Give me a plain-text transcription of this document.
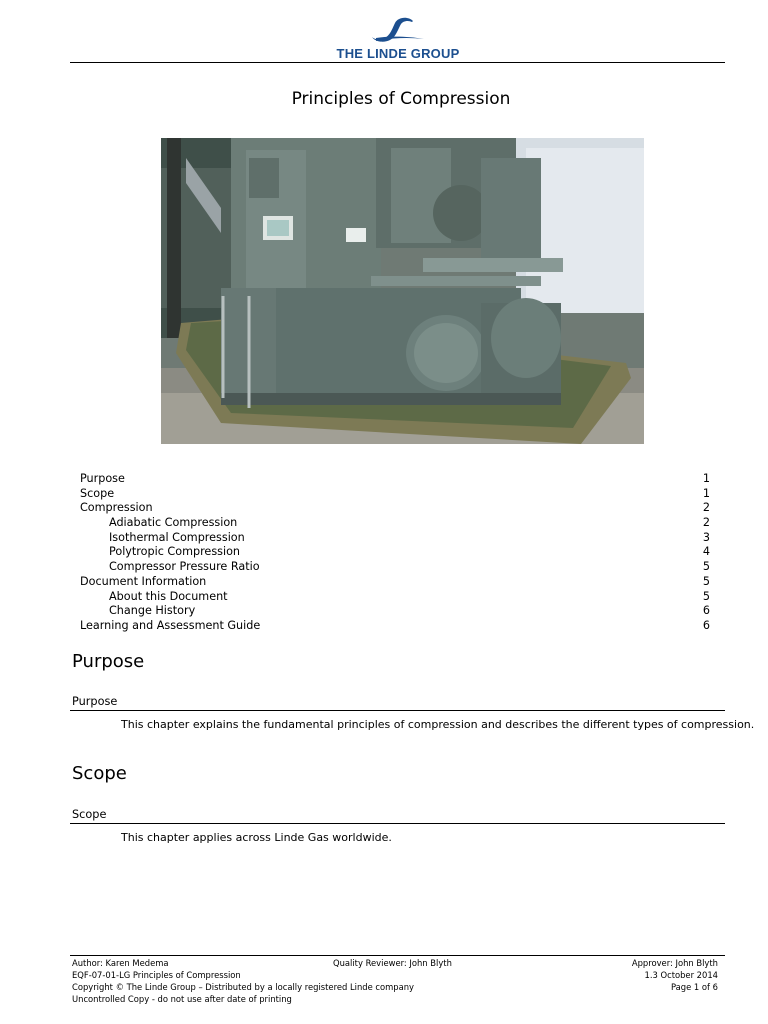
THE LINDE GROUP
Principles of Compression
Purpose	1
Scope	1
Compression	2
Adiabatic Compression	2
Isothermal Compression	3
Polytropic Compression	4
Compressor Pressure Ratio	5
Document Information	5
About this Document	5
Change History	6
Learning and Assessment Guide	6
Purpose
Purpose
This chapter explains the fundamental principles of compression and describes the different types of compression.
Scope
Scope
This chapter applies across Linde Gas worldwide.
Author: Karen Medema	Quality Reviewer: John Blyth	Approver: John Blyth
EQF-07-01-LG Principles of Compression	1.3 October 2014
Copyright © The Linde Group – Distributed by a locally registered Linde company	Page 1 of 6
Uncontrolled Copy - do not use after date of printing
